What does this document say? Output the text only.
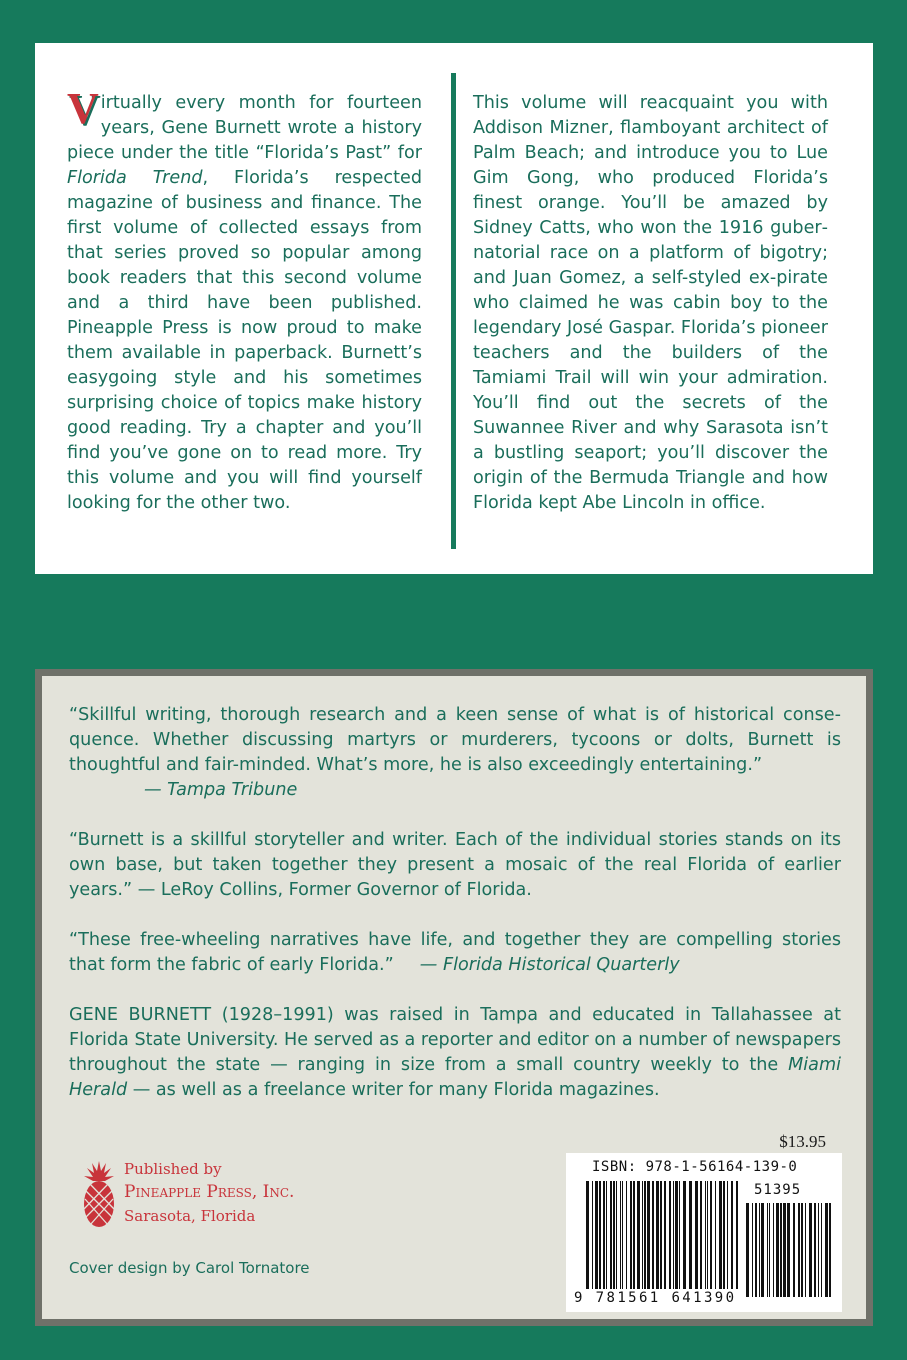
Virtually every month for fourteen years, Gene Burnett wrote a history piece under the title “Florida’s Past” for Florida Trend, Florida’s respected magazine of business and finance. The first volume of collected essays from that series proved so popular among book readers that this second volume and a third have been published. Pineapple Press is now proud to make them available in paperback. Burnett’s easygoing style and his sometimes surprising choice of topics make history good reading. Try a chapter and you’ll find you’ve gone on to read more. Try this volume and you will find yourself looking for the other two.

This volume will reacquaint you with Addison Mizner, flamboyant architect of Palm Beach; and introduce you to Lue Gim Gong, who produced Florida’s finest orange. You’ll be amazed by Sidney Catts, who won the 1916 gubernatorial race on a platform of bigotry; and Juan Gomez, a self-styled ex-pirate who claimed he was cabin boy to the legendary José Gaspar. Florida’s pioneer teachers and the builders of the Tamiami Trail will win your admiration. You’ll find out the secrets of the Suwannee River and why Sarasota isn’t a bustling seaport; you’ll discover the origin of the Bermuda Triangle and how Florida kept Abe Lincoln in office.

“Skillful writing, thorough research and a keen sense of what is of historical consequence. Whether discussing martyrs or murderers, tycoons or dolts, Burnett is thoughtful and fair-minded. What’s more, he is also exceedingly entertaining.”
— Tampa Tribune

“Burnett is a skillful storyteller and writer. Each of the individual stories stands on its own base, but taken together they present a mosaic of the real Florida of earlier years.” — LeRoy Collins, Former Governor of Florida.

“These free-wheeling narratives have life, and together they are compelling stories that form the fabric of early Florida.” — Florida Historical Quarterly

GENE BURNETT (1928–1991) was raised in Tampa and educated in Tallahassee at Florida State University. He served as a reporter and editor on a number of newspapers throughout the state — ranging in size from a small country weekly to the Miami Herald — as well as a freelance writer for many Florida magazines.

Published by
Pineapple Press, Inc.
Sarasota, Florida
Cover design by Carol Tornatore
$13.95
ISBN: 978-1-56164-139-0
51395
9 781561 641390
